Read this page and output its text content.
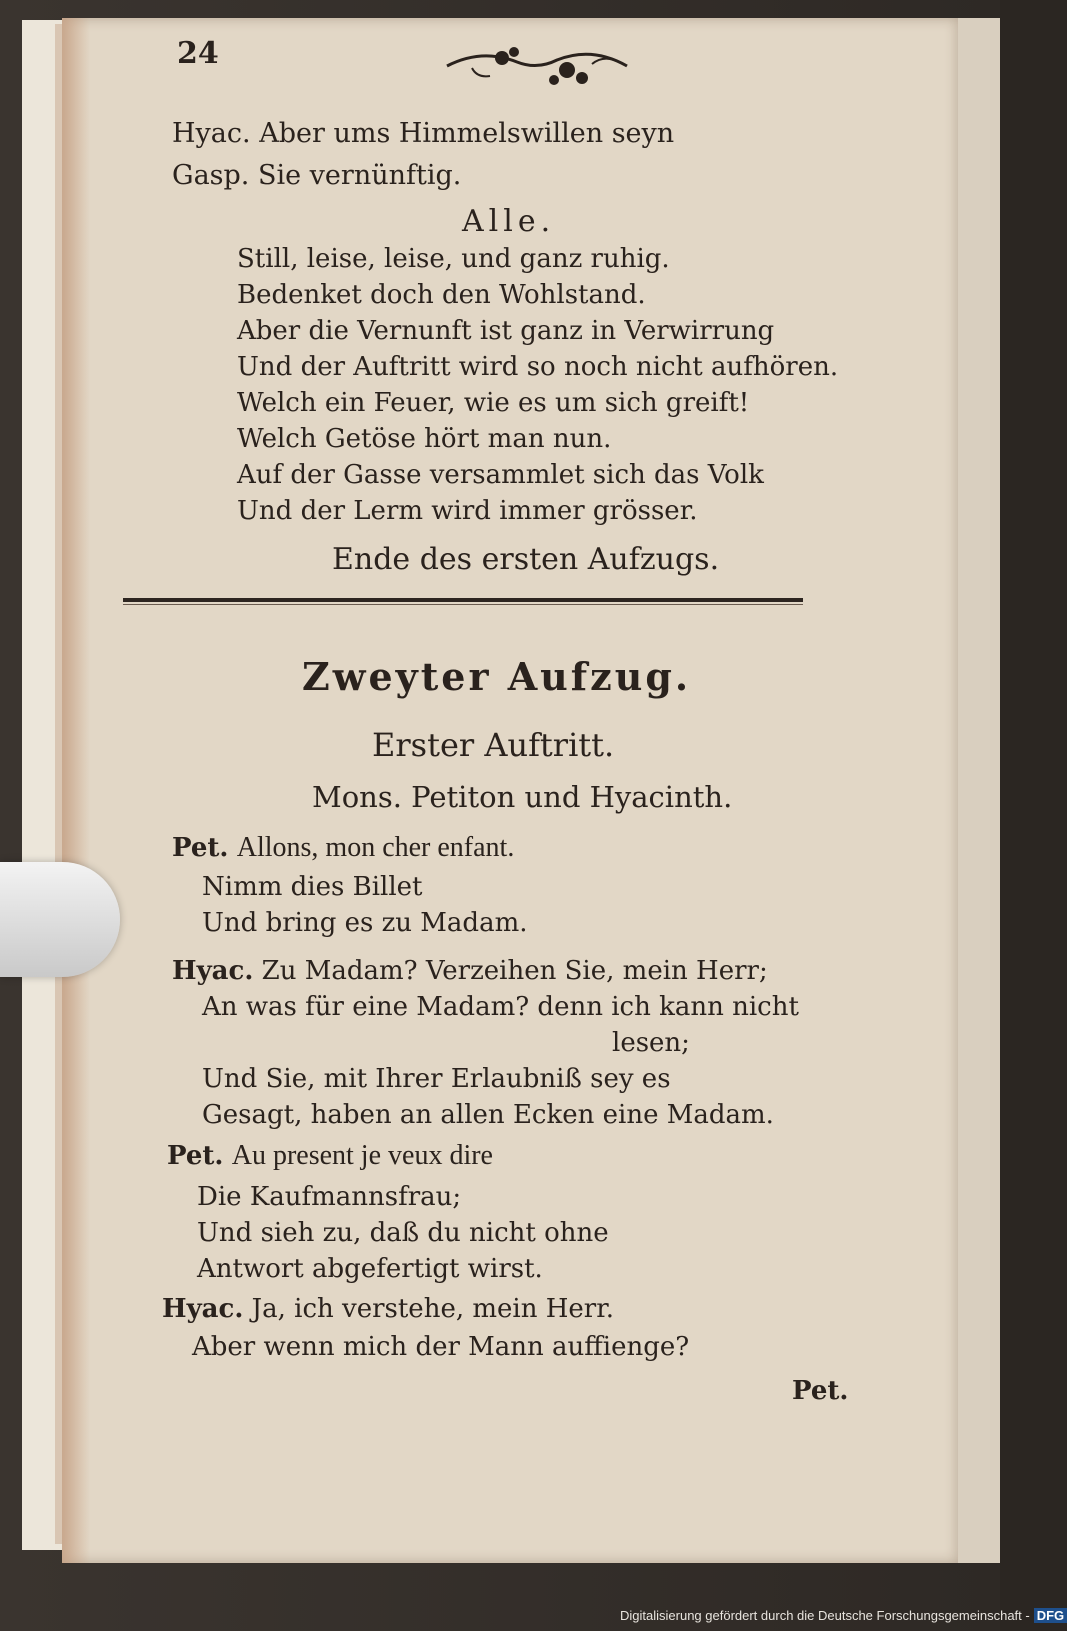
24
Hyac. Aber ums Himmelswillen seyn
Gasp. Sie vernünftig.
Alle.
Still, leise, leise, und ganz ruhig.
Bedenket doch den Wohlstand.
Aber die Vernunft ist ganz in Verwirrung
Und der Auftritt wird so noch nicht aufhören.
Welch ein Feuer, wie es um sich greift!
Welch Getöse hört man nun.
Auf der Gasse versammlet sich das Volk
Und der Lerm wird immer grösser.
Ende des ersten Aufzugs.
Zweyter Aufzug.
Erster Auftritt.
Mons. Petiton und Hyacinth.
Pet. Allons, mon cher enfant.
Nimm dies Billet
Und bring es zu Madam.
Hyac. Zu Madam? Verzeihen Sie, mein Herr;
An was für eine Madam? denn ich kann nicht
lesen;
Und Sie, mit Ihrer Erlaubniß sey es
Gesagt, haben an allen Ecken eine Madam.
Pet. Au present je veux dire
Die Kaufmannsfrau;
Und sieh zu, daß du nicht ohne
Antwort abgefertigt wirst.
Hyac. Ja, ich verstehe, mein Herr.
Aber wenn mich der Mann auffienge?
Pet.
Digitalisierung gefördert durch die Deutsche Forschungsgemeinschaft - DFG
